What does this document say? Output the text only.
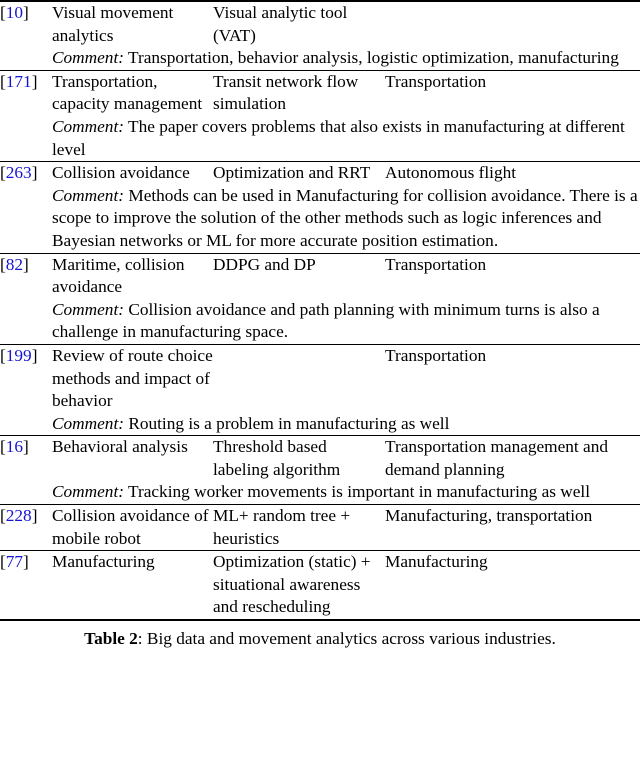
[10]	Visual movement analytics	Visual analytic tool (VAT)	
	Comment: Transportation, behavior analysis, logistic optimization, manufacturing		
[171]	Transportation, capacity management	Transit network flow simulation	Transportation
	Comment: The paper covers problems that also exists in manufacturing at different level		
[263]	Collision avoidance	Optimization and RRT	Autonomous flight
	Comment: Methods can be used in Manufacturing for collision avoidance. There is a scope to improve the solution of the other methods such as logic inferences and Bayesian networks or ML for more accurate position estimation.		
[82]	Maritime, collision avoidance	DDPG and DP	Transportation
	Comment: Collision avoidance and path planning with minimum turns is also a challenge in manufacturing space.		
[199]	Review of route choice methods and impact of behavior		Transportation
	Comment: Routing is a problem in manufacturing as well		
[16]	Behavioral analysis	Threshold based labeling algorithm	Transportation management and demand planning
	Comment: Tracking worker movements is important in manufacturing as well		
[228]	Collision avoidance of mobile robot	ML+ random tree + heuristics	Manufacturing, transportation
[77]	Manufacturing	Optimization (static) + situational awareness and rescheduling	Manufacturing

Table 2: Big data and movement analytics across various industries.
